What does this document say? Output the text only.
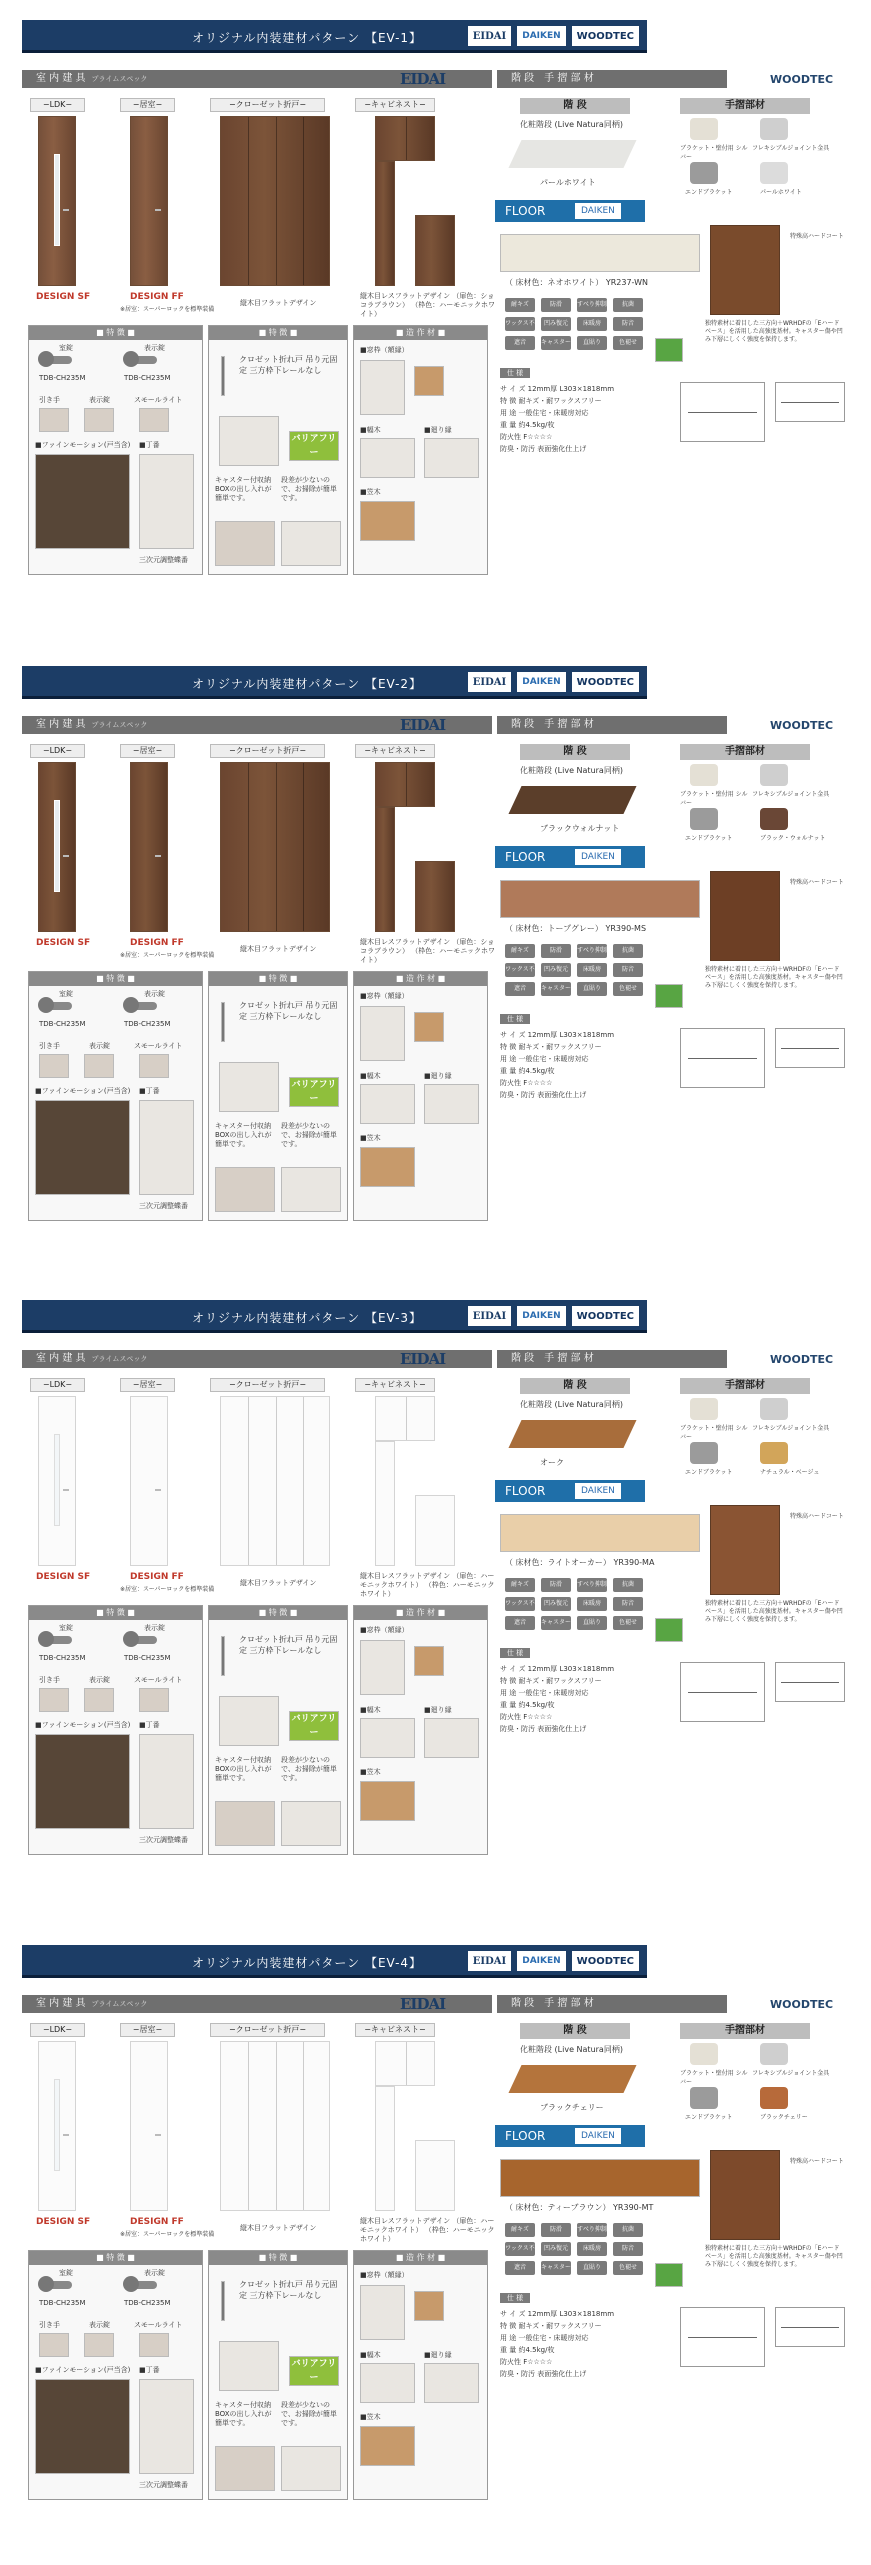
オリジナル内装建材パターン 【EV-1】	EIDAI	DAIKEN	WOODTEC
室 内 建 具 プライムスペック	EIDAI	階 段　手 摺 部 材	WOODTEC
−LDK−	−居室−	−クローゼット折戸−	−キャビネスト−
DESIGN SF	DESIGN FF
※居室：スーパーロックを標準装備
縦木目フラットデザイン
縦木目レスフラットデザイン （扉色：ショコラブラウン） （枠色：ハーモニックホワイト）
■ 特 徴 ■
室錠	表示錠
TDB-CH235M	TDB-CH235M
引き手	表示錠	スモールライト
■ファインモーション(戸当含) ■丁番
三次元調整蝶番
■ 特 徴 ■
クロゼット折れ戸 吊り元固定 三方枠下レールなし
バリアフリー
キャスター付収納BOXの出し入れが簡単です。
段差が少ないので、お掃除が簡単です。
■ 造 作 材 ■
■窓枠（額縁）
■幅木	■廻り縁
■笠木
階 段	手摺部材
化粧階段 (Live Natura同柄)
パールホワイト
ブラケット・壁付用 シルバー
フレキシブルジョイント金具
エンドブラケット	パールホワイト
FLOOR	DAIKEN
（ 床材色：ネオホワイト） YR237-WN
特殊高ハードコート
独特素材に着目した三方向＋WRHDFの「Eハードベース」を活用した高強度基材。キャスター傷や凹み下層にしくく強度を保持します。
耐キズ	防滑	すべり抑制	抗菌
ワックス不	凹み復元	床暖房	防音
遮音	キャスター	直貼り	色褪せ
仕 様
サ イ ズ 12mm厚 L303×1818mm
特 徴 耐キズ・耐ワックスフリー
用 途 一般住宅・床暖房対応
重 量 約4.5kg/枚
防火性 F☆☆☆☆
防臭・防汚 表面強化仕上げ
オリジナル内装建材パターン 【EV-2】	EIDAI	DAIKEN	WOODTEC
室 内 建 具 プライムスペック	EIDAI	階 段　手 摺 部 材	WOODTEC
−LDK−	−居室−	−クローゼット折戸−	−キャビネスト−
DESIGN SF	DESIGN FF
※居室：スーパーロックを標準装備
縦木目フラットデザイン
縦木目レスフラットデザイン （扉色：ショコラブラウン） （枠色：ハーモニックホワイト）
■ 特 徴 ■
室錠	表示錠
TDB-CH235M	TDB-CH235M
引き手	表示錠	スモールライト
■ファインモーション(戸当含) ■丁番
三次元調整蝶番
■ 特 徴 ■
クロゼット折れ戸 吊り元固定 三方枠下レールなし
バリアフリー
キャスター付収納BOXの出し入れが簡単です。
段差が少ないので、お掃除が簡単です。
■ 造 作 材 ■
■窓枠（額縁）
■幅木	■廻り縁
■笠木
階 段	手摺部材
化粧階段 (Live Natura同柄)
ブラックウォルナット
ブラケット・壁付用 シルバー
フレキシブルジョイント金具
エンドブラケット	ブラック・ウォルナット
FLOOR	DAIKEN
（ 床材色：トープグレー） YR390-MS
特殊高ハードコート
独特素材に着目した三方向＋WRHDFの「Eハードベース」を活用した高強度基材。キャスター傷や凹み下層にしくく強度を保持します。
耐キズ	防滑	すべり抑制	抗菌
ワックス不	凹み復元	床暖房	防音
遮音	キャスター	直貼り	色褪せ
仕 様
サ イ ズ 12mm厚 L303×1818mm
特 徴 耐キズ・耐ワックスフリー
用 途 一般住宅・床暖房対応
重 量 約4.5kg/枚
防火性 F☆☆☆☆
防臭・防汚 表面強化仕上げ
オリジナル内装建材パターン 【EV-3】	EIDAI	DAIKEN	WOODTEC
室 内 建 具 プライムスペック	EIDAI	階 段　手 摺 部 材	WOODTEC
−LDK−	−居室−	−クローゼット折戸−	−キャビネスト−
DESIGN SF	DESIGN FF
※居室：スーパーロックを標準装備
縦木目フラットデザイン
縦木目レスフラットデザイン （扉色：ハーモニックホワイト） （枠色：ハーモニックホワイト）
■ 特 徴 ■
室錠	表示錠
TDB-CH235M	TDB-CH235M
引き手	表示錠	スモールライト
■ファインモーション(戸当含) ■丁番
三次元調整蝶番
■ 特 徴 ■
クロゼット折れ戸 吊り元固定 三方枠下レールなし
バリアフリー
キャスター付収納BOXの出し入れが簡単です。
段差が少ないので、お掃除が簡単です。
■ 造 作 材 ■
■窓枠（額縁）
■幅木	■廻り縁
■笠木
階 段	手摺部材
化粧階段 (Live Natura同柄)
オーク
ブラケット・壁付用 シルバー
フレキシブルジョイント金具
エンドブラケット	ナチュラル・ベージュ
FLOOR	DAIKEN
（ 床材色：ライトオーカー） YR390-MA
特殊高ハードコート
独特素材に着目した三方向＋WRHDFの「Eハードベース」を活用した高強度基材。キャスター傷や凹み下層にしくく強度を保持します。
耐キズ	防滑	すべり抑制	抗菌
ワックス不	凹み復元	床暖房	防音
遮音	キャスター	直貼り	色褪せ
仕 様
サ イ ズ 12mm厚 L303×1818mm
特 徴 耐キズ・耐ワックスフリー
用 途 一般住宅・床暖房対応
重 量 約4.5kg/枚
防火性 F☆☆☆☆
防臭・防汚 表面強化仕上げ
オリジナル内装建材パターン 【EV-4】	EIDAI	DAIKEN	WOODTEC
室 内 建 具 プライムスペック	EIDAI	階 段　手 摺 部 材	WOODTEC
−LDK−	−居室−	−クローゼット折戸−	−キャビネスト−
DESIGN SF	DESIGN FF
※居室：スーパーロックを標準装備
縦木目フラットデザイン
縦木目レスフラットデザイン （扉色：ハーモニックホワイト） （枠色：ハーモニックホワイト）
■ 特 徴 ■
室錠	表示錠
TDB-CH235M	TDB-CH235M
引き手	表示錠	スモールライト
■ファインモーション(戸当含) ■丁番
三次元調整蝶番
■ 特 徴 ■
クロゼット折れ戸 吊り元固定 三方枠下レールなし
バリアフリー
キャスター付収納BOXの出し入れが簡単です。
段差が少ないので、お掃除が簡単です。
■ 造 作 材 ■
■窓枠（額縁）
■幅木	■廻り縁
■笠木
階 段	手摺部材
化粧階段 (Live Natura同柄)
ブラックチェリー
ブラケット・壁付用 シルバー
フレキシブルジョイント金具
エンドブラケット	ブラックチェリー
FLOOR	DAIKEN
（ 床材色：ティーブラウン） YR390-MT
特殊高ハードコート
独特素材に着目した三方向＋WRHDFの「Eハードベース」を活用した高強度基材。キャスター傷や凹み下層にしくく強度を保持します。
耐キズ	防滑	すべり抑制	抗菌
ワックス不	凹み復元	床暖房	防音
遮音	キャスター	直貼り	色褪せ
仕 様
サ イ ズ 12mm厚 L303×1818mm
特 徴 耐キズ・耐ワックスフリー
用 途 一般住宅・床暖房対応
重 量 約4.5kg/枚
防火性 F☆☆☆☆
防臭・防汚 表面強化仕上げ
